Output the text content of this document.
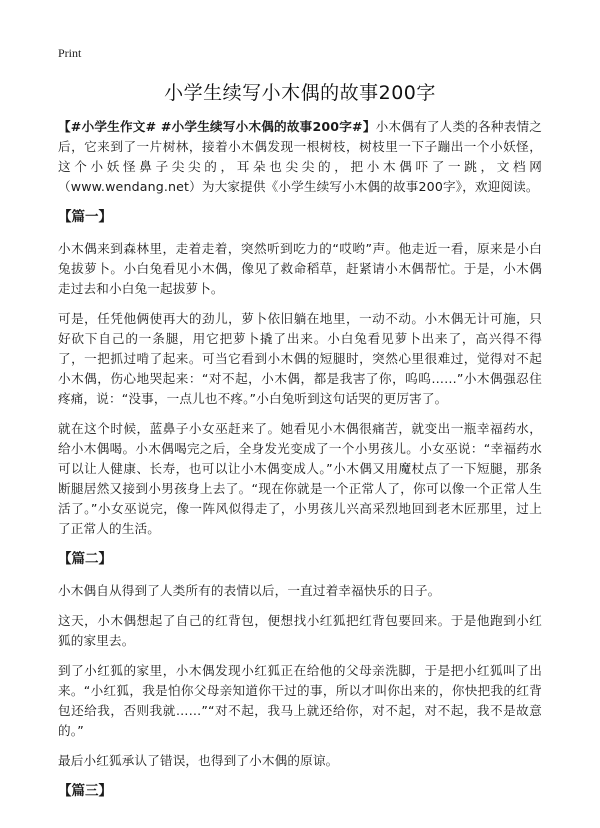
Print
小学生续写小木偶的故事200字

【#小学生作文# #小学生续写小木偶的故事200字#】小木偶有了人类的各种表情之后，它来到了一片树林，接着小木偶发现一根树枝，树枝里一下子蹦出一个小妖怪，这个小妖怪鼻子尖尖的，耳朵也尖尖的，把小木偶吓了一跳，文档网（www.wendang.net）为大家提供《小学生续写小木偶的故事200字》，欢迎阅读。

【篇一】

小木偶来到森林里，走着走着，突然听到吃力的“哎哟”声。他走近一看，原来是小白兔拔萝卜。小白兔看见小木偶，像见了救命稻草，赶紧请小木偶帮忙。于是，小木偶走过去和小白兔一起拔萝卜。

可是，任凭他俩使再大的劲儿，萝卜依旧躺在地里，一动不动。小木偶无计可施，只好砍下自己的一条腿，用它把萝卜撬了出来。小白兔看见萝卜出来了，高兴得不得了，一把抓过啃了起来。可当它看到小木偶的短腿时，突然心里很难过，觉得对不起小木偶，伤心地哭起来：“对不起，小木偶，都是我害了你，呜呜……”小木偶强忍住疼痛，说：“没事，一点儿也不疼。”小白兔听到这句话哭的更厉害了。

就在这个时候，蓝鼻子小女巫赶来了。她看见小木偶很痛苦，就变出一瓶幸福药水，给小木偶喝。小木偶喝完之后，全身发光变成了一个小男孩儿。小女巫说：“幸福药水可以让人健康、长寿，也可以让小木偶变成人。”小木偶又用魔杖点了一下短腿，那条断腿居然又接到小男孩身上去了。“现在你就是一个正常人了，你可以像一个正常人生活了。”小女巫说完，像一阵风似得走了，小男孩儿兴高采烈地回到老木匠那里，过上了正常人的生活。

【篇二】

小木偶自从得到了人类所有的表情以后，一直过着幸福快乐的日子。

这天，小木偶想起了自己的红背包，便想找小红狐把红背包要回来。于是他跑到小红狐的家里去。

到了小红狐的家里，小木偶发现小红狐正在给他的父母亲洗脚，于是把小红狐叫了出来。“小红狐，我是怕你父母亲知道你干过的事，所以才叫你出来的，你快把我的红背包还给我，否则我就……”“对不起，我马上就还给你，对不起，对不起，我不是故意的。”

最后小红狐承认了错误，也得到了小木偶的原谅。

【篇三】
